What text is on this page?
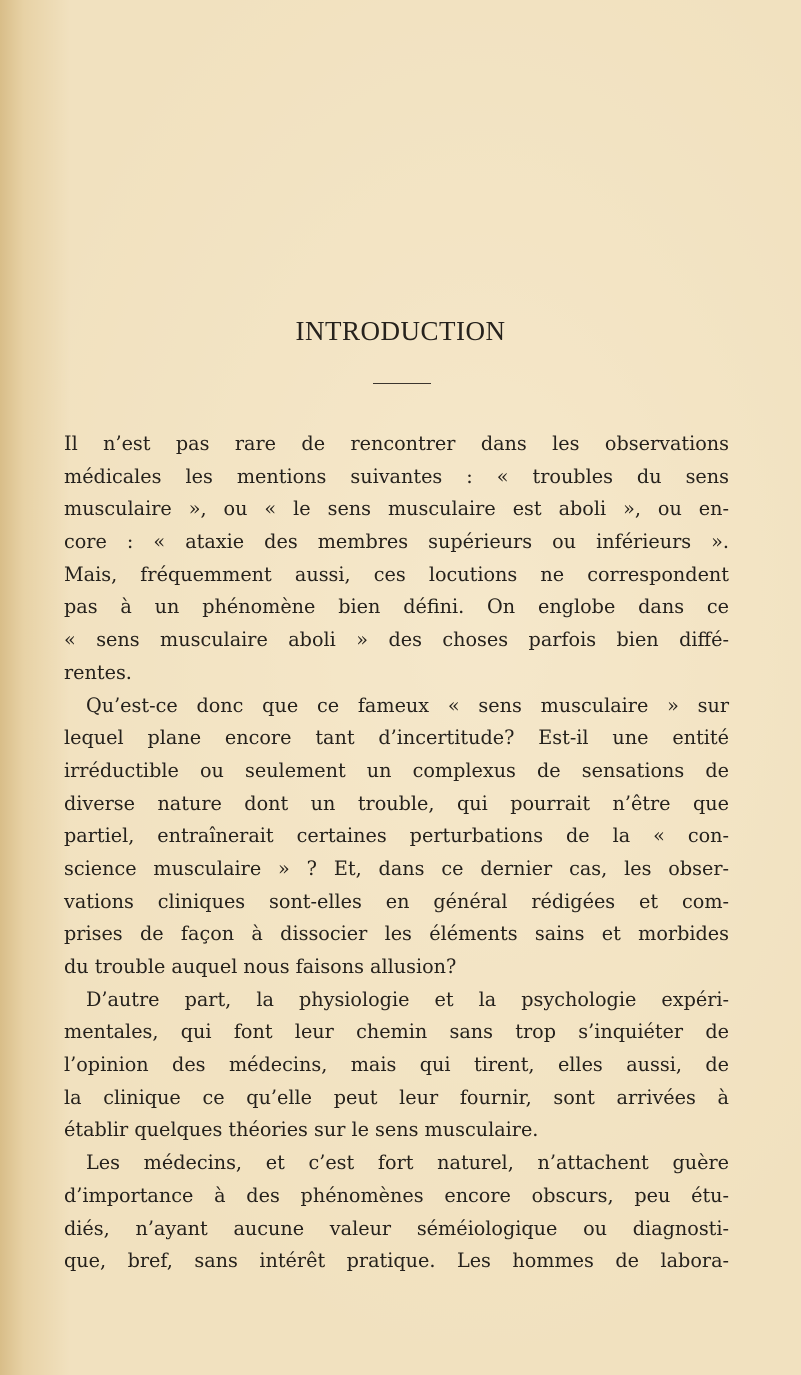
INTRODUCTION
Il n’est pas rare de rencontrer dans les observations
médicales les mentions suivantes : « troubles du sens
musculaire », ou « le sens musculaire est aboli », ou en-
core : « ataxie des membres supérieurs ou inférieurs ».
Mais, fréquemment aussi, ces locutions ne correspondent
pas à un phénomène bien défini. On englobe dans ce
« sens musculaire aboli » des choses parfois bien diffé-
rentes.
Qu’est-ce donc que ce fameux « sens musculaire » sur
lequel plane encore tant d’incertitude? Est-il une entité
irréductible ou seulement un complexus de sensations de
diverse nature dont un trouble, qui pourrait n’être que
partiel, entraînerait certaines perturbations de la « con-
science musculaire » ? Et, dans ce dernier cas, les obser-
vations cliniques sont-elles en général rédigées et com-
prises de façon à dissocier les éléments sains et morbides
du trouble auquel nous faisons allusion?
D’autre part, la physiologie et la psychologie expéri-
mentales, qui font leur chemin sans trop s’inquiéter de
l’opinion des médecins, mais qui tirent, elles aussi, de
la clinique ce qu’elle peut leur fournir, sont arrivées à
établir quelques théories sur le sens musculaire.
Les médecins, et c’est fort naturel, n’attachent guère
d’importance à des phénomènes encore obscurs, peu étu-
diés, n’ayant aucune valeur séméiologique ou diagnosti-
que, bref, sans intérêt pratique. Les hommes de labora-
